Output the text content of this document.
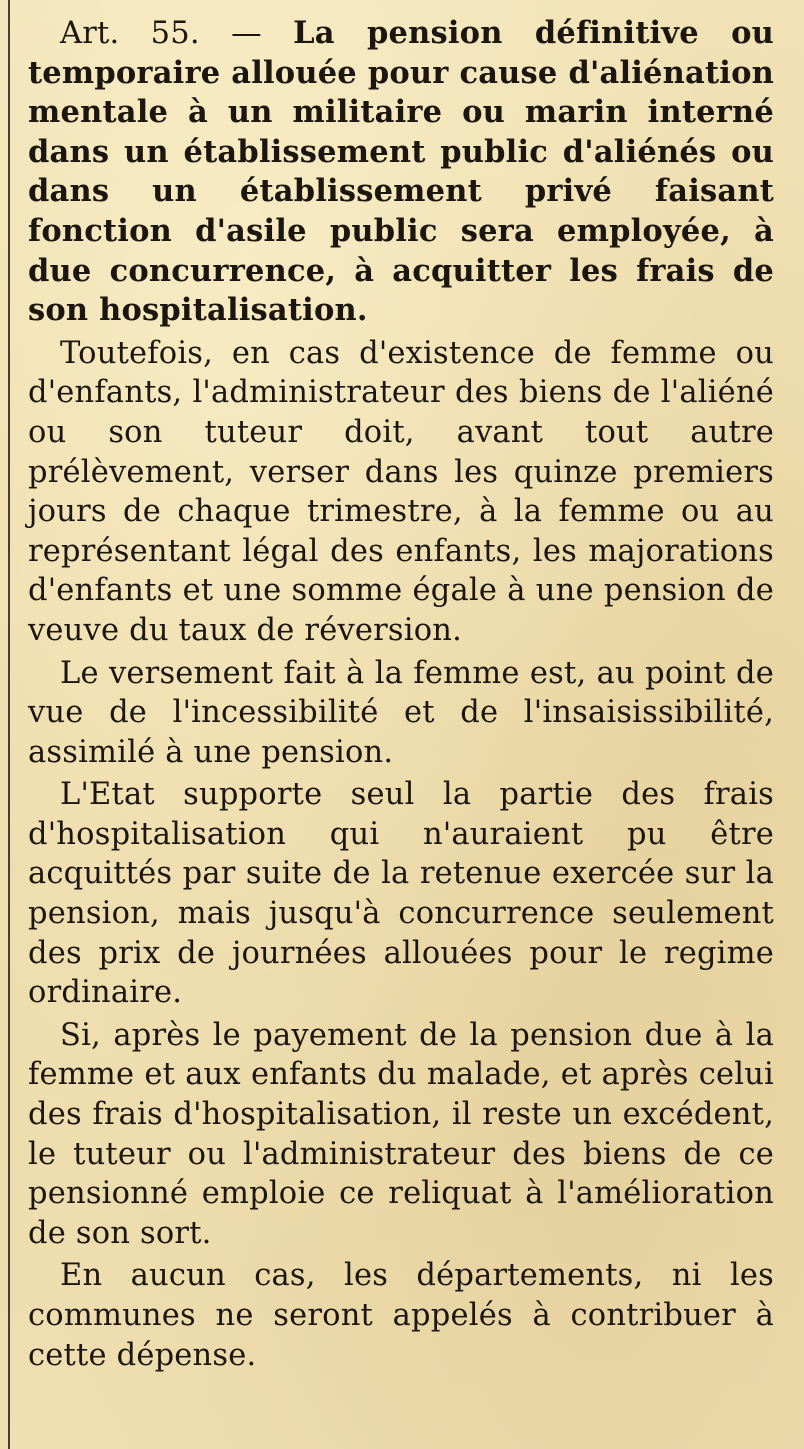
Art. 55. — La pension définitive ou temporaire allouée pour cause d'aliénation mentale à un militaire ou marin interné dans un établissement public d'aliénés ou dans un établissement privé faisant fonction d'asile public sera employée, à due concurrence, à acquitter les frais de son hospitalisation.

Toutefois, en cas d'existence de femme ou d'enfants, l'administrateur des biens de l'aliéné ou son tuteur doit, avant tout autre prélèvement, verser dans les quinze premiers jours de chaque trimestre, à la femme ou au représentant légal des enfants, les majorations d'enfants et une somme égale à une pension de veuve du taux de réversion.

Le versement fait à la femme est, au point de vue de l'incessibilité et de l'insaisissibilité, assimilé à une pension.

L'Etat supporte seul la partie des frais d'hospitalisation qui n'auraient pu être acquittés par suite de la retenue exercée sur la pension, mais jusqu'à concurrence seulement des prix de journées allouées pour le regime ordinaire.

Si, après le payement de la pension due à la femme et aux enfants du malade, et après celui des frais d'hospitalisation, il reste un excédent, le tuteur ou l'administrateur des biens de ce pensionné emploie ce reliquat à l'amélioration de son sort.

En aucun cas, les départements, ni les communes ne seront appelés à contribuer à cette dépense.
